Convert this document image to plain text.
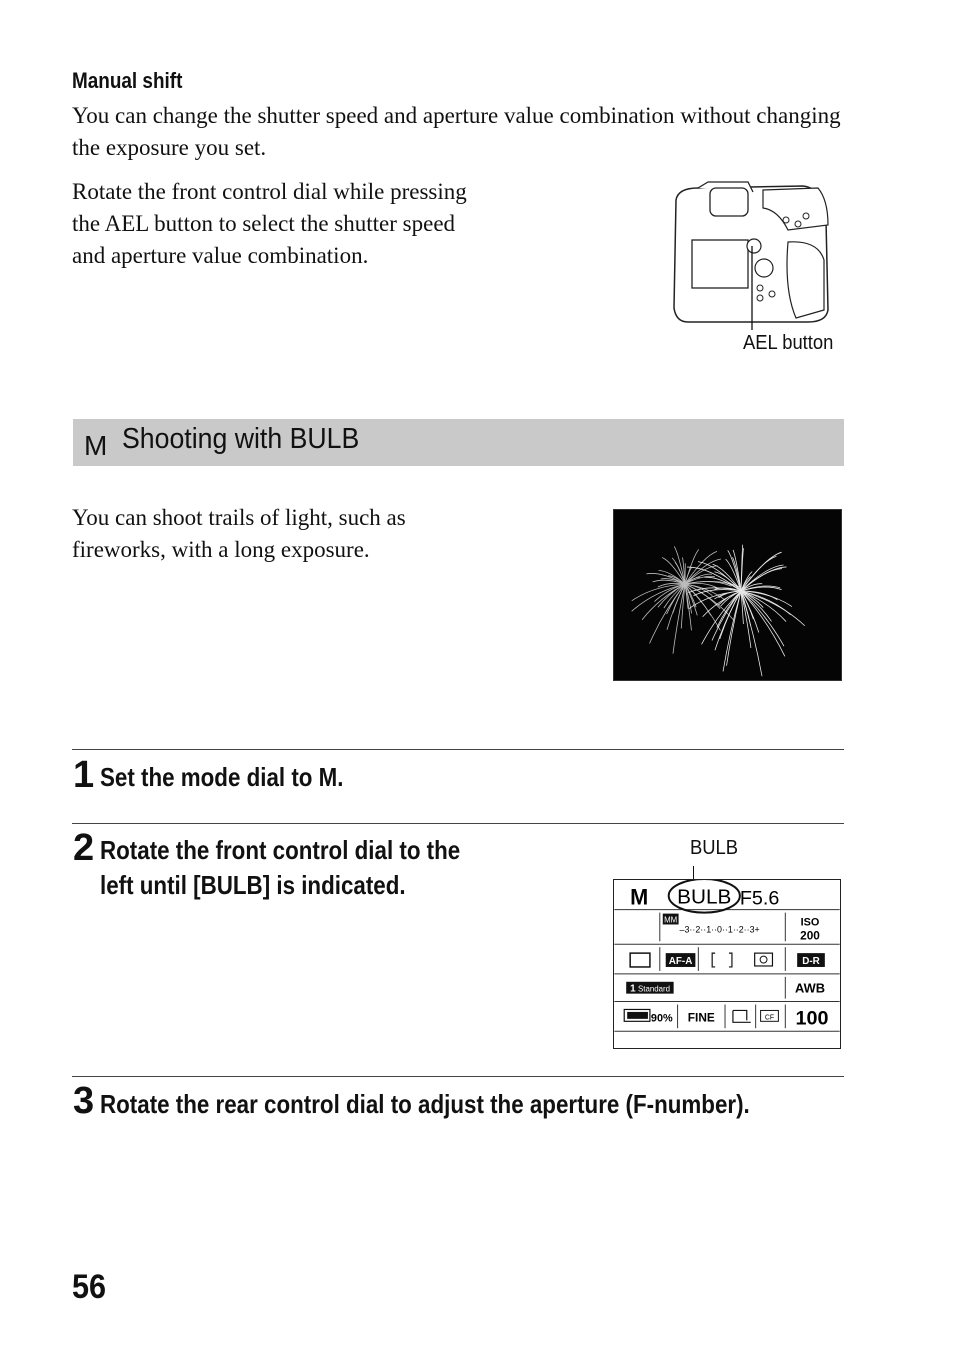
Manual shift
You can change the shutter speed and aperture value combination without changing the exposure you set.
Rotate the front control dial while pressing the AEL button to select the shutter speed and aperture value combination.
AEL button
M Shooting with BULB
You can shoot trails of light, such as fireworks, with a long exposure.
1 Set the mode dial to M.
2 Rotate the front control dial to the
left until [BULB] is indicated.
BULB
M BULB F5.6
MM
–3··2··1··0··1··2··3+
ISO
200
AF-A	D-R
1 Standard	AWB
90% FINE	CF 100
3 Rotate the rear control dial to adjust the aperture (F-number).
56
